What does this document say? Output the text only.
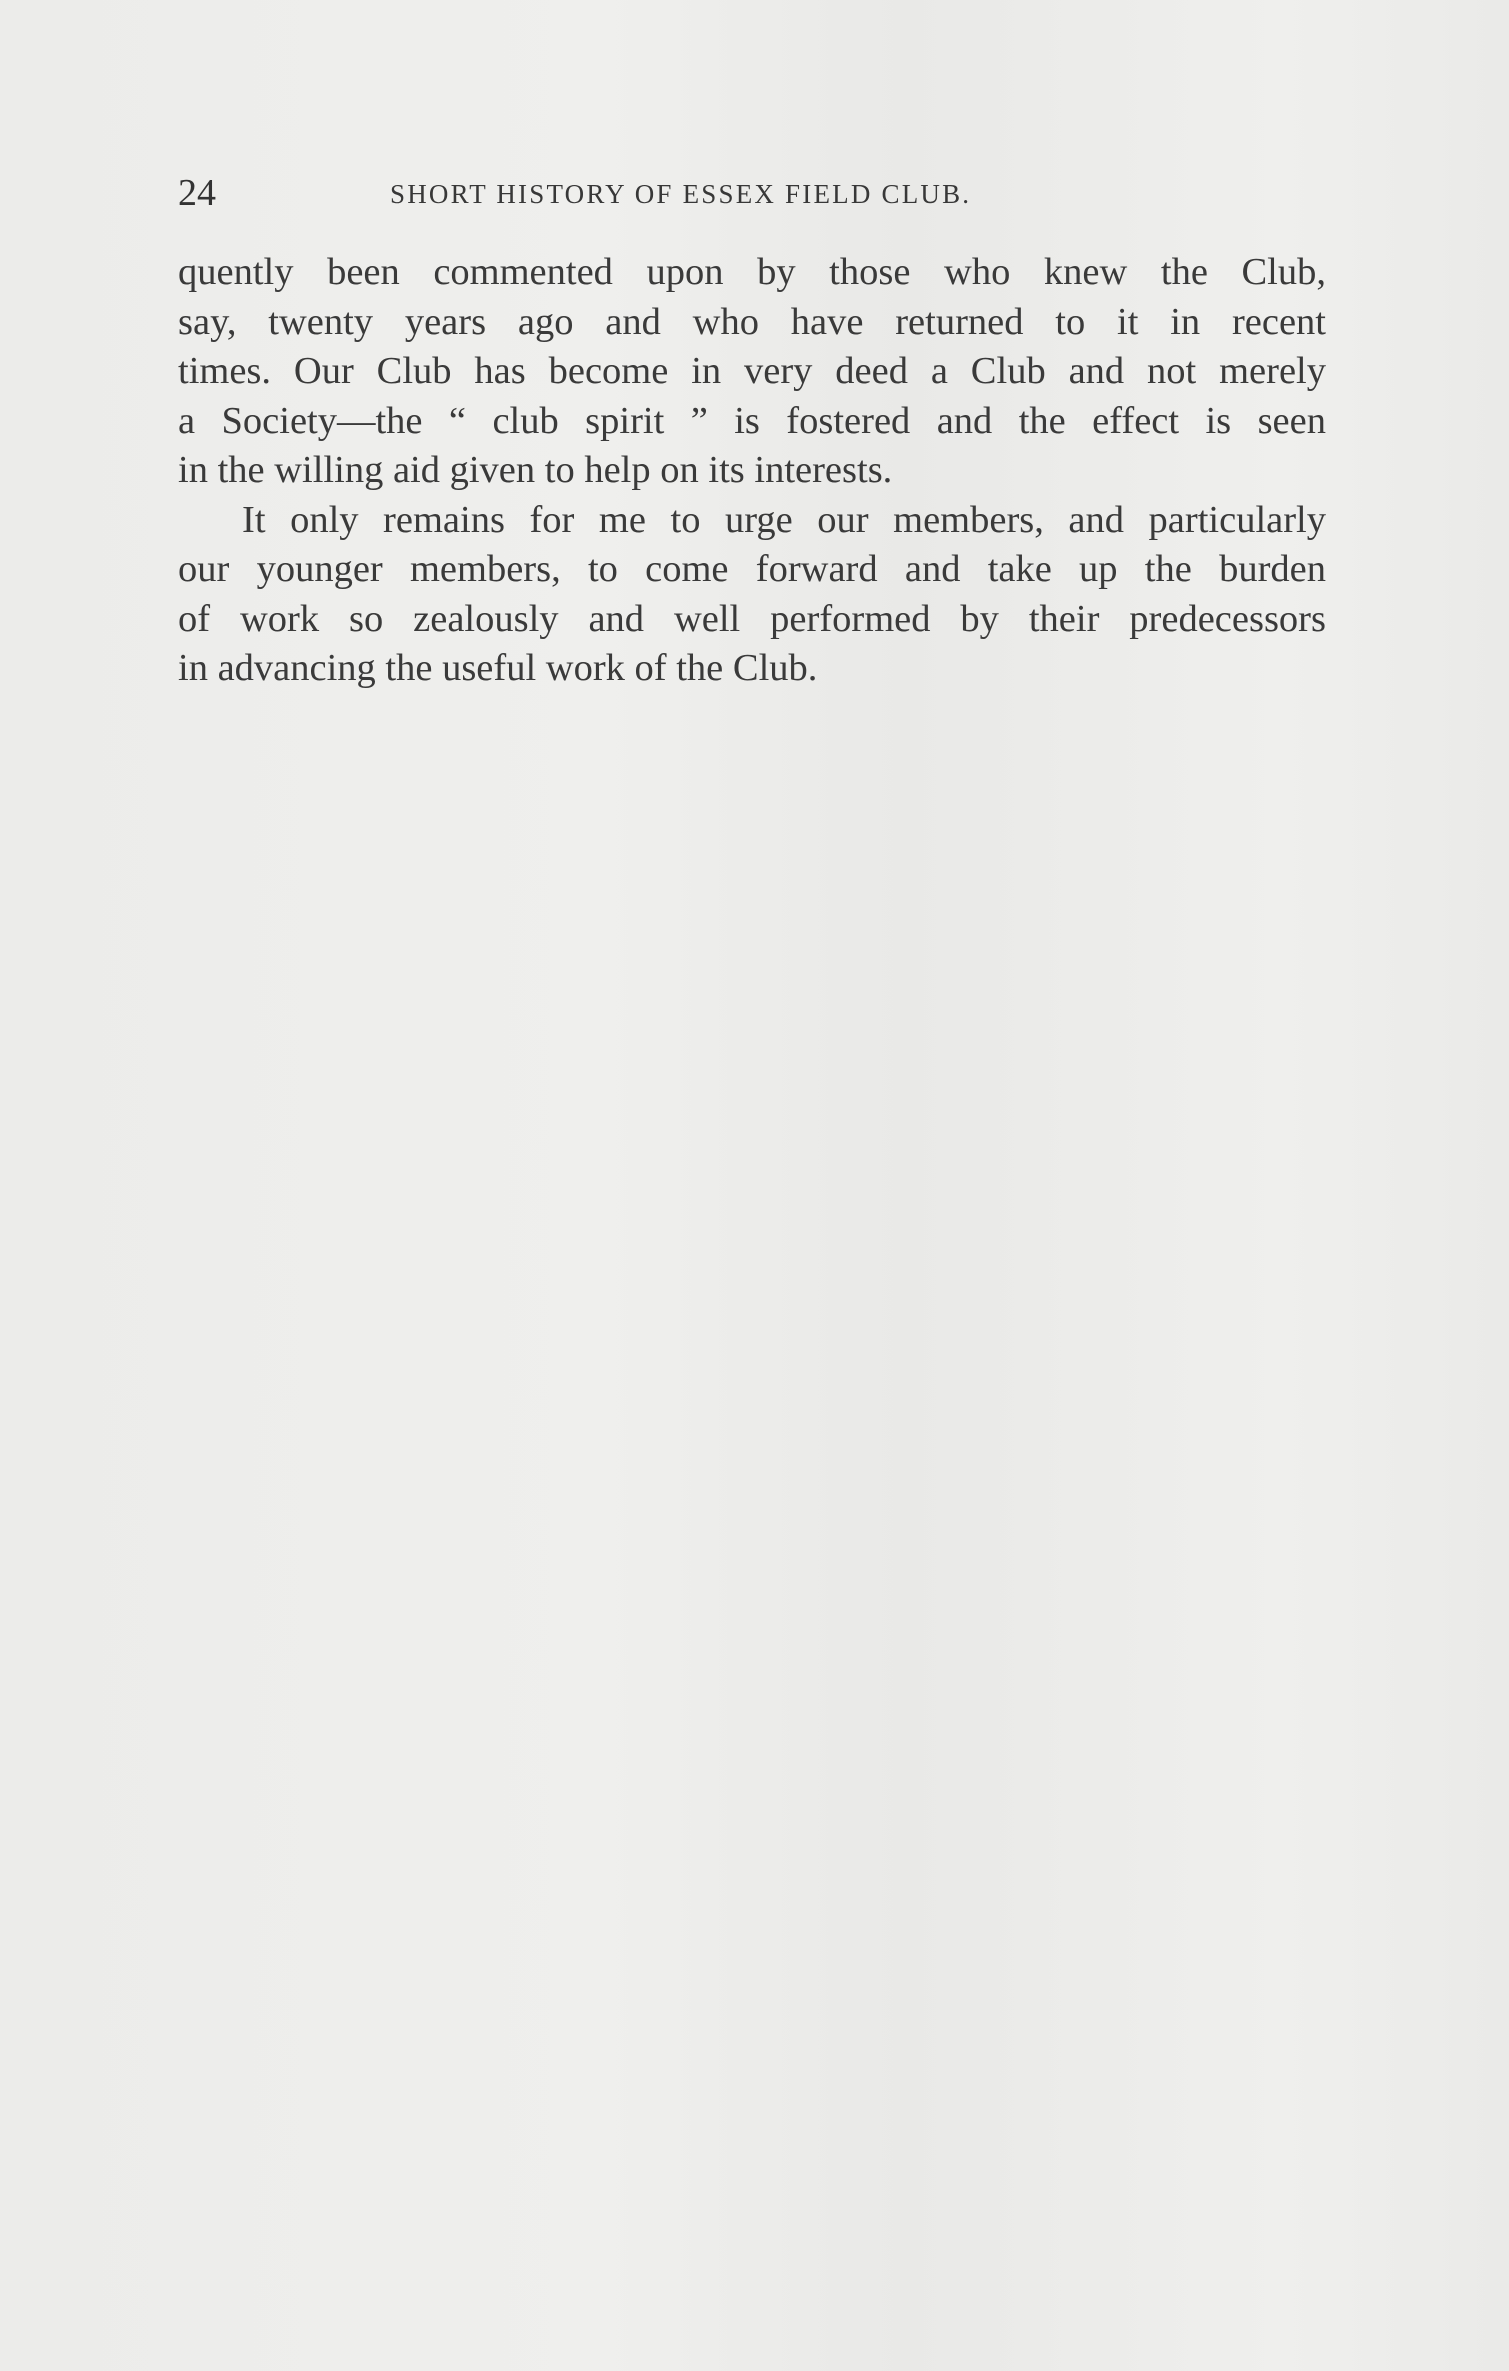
24	SHORT HISTORY OF ESSEX FIELD CLUB.
quently been commented upon by those who knew the Club,
say, twenty years ago and who have returned to it in recent
times. Our Club has become in very deed a Club and not merely
a Society—the “ club spirit ” is fostered and the effect is seen
in the willing aid given to help on its interests.
It only remains for me to urge our members, and particularly
our younger members, to come forward and take up the burden
of work so zealously and well performed by their predecessors
in advancing the useful work of the Club.
